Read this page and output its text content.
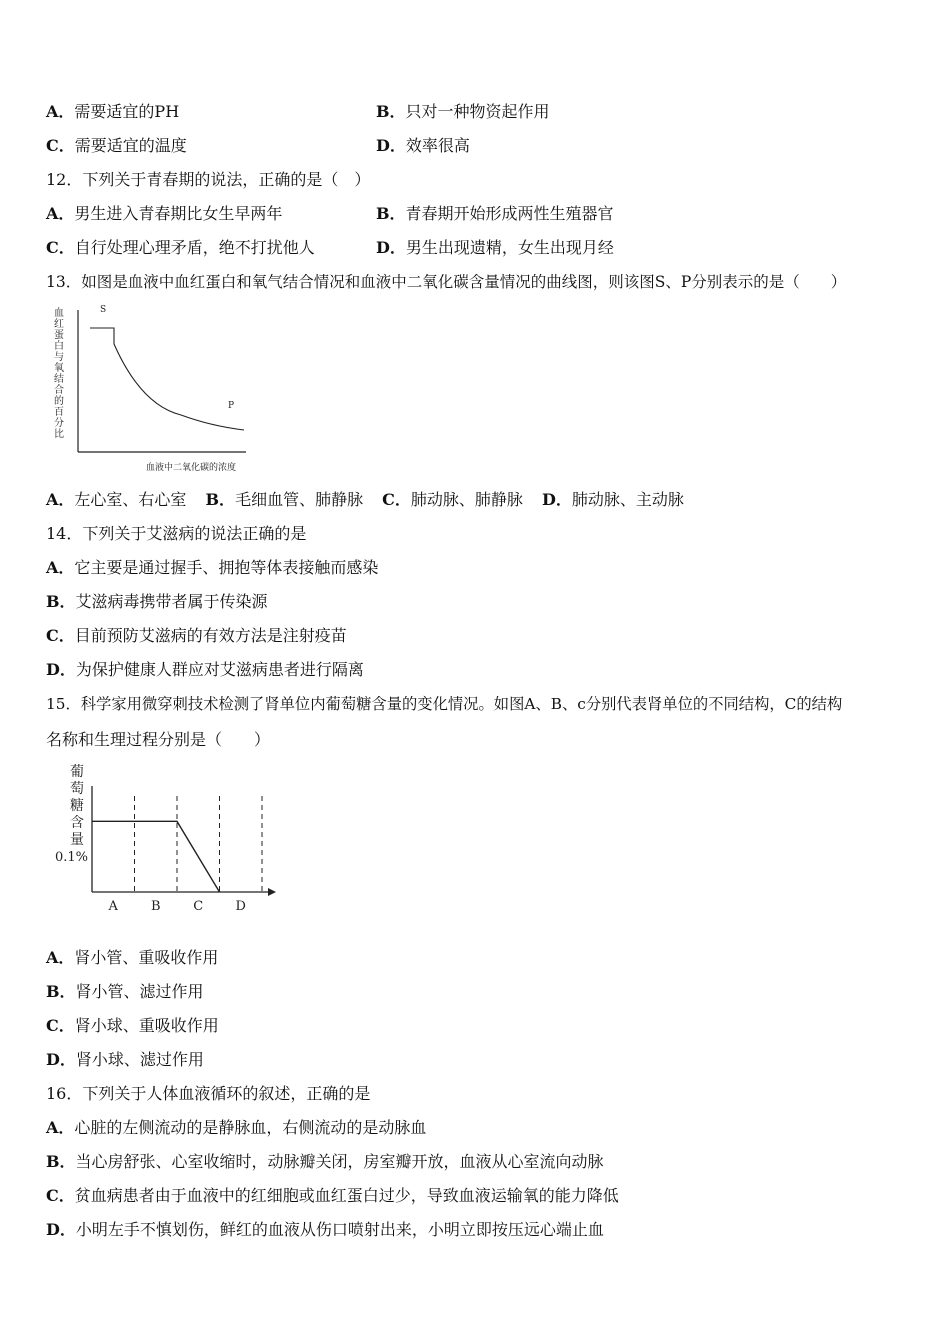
A．需要适宜的PH	B．只对一种物资起作用
C．需要适宜的温度	D．效率很高
12．下列关于青春期的说法，正确的是（　）
A．男生进入青春期比女生早两年	B．青春期开始形成两性生殖器官
C．自行处理心理矛盾，绝不打扰他人	D．男生出现遗精，女生出现月经
13．如图是血液中血红蛋白和氧气结合情况和血液中二氧化碳含量情况的曲线图，则该图S、P分别表示的是（　　）
血
红
蛋
白
与
氧
结
合
的
百
分
比
S
P
血液中二氧化碳的浓度
A．左心室、右心室 B．毛细血管、肺静脉 C．肺动脉、肺静脉 D．肺动脉、主动脉
14．下列关于艾滋病的说法正确的是
A．它主要是通过握手、拥抱等体表接触而感染
B．艾滋病毒携带者属于传染源
C．目前预防艾滋病的有效方法是注射疫苗
D．为保护健康人群应对艾滋病患者进行隔离
15．科学家用微穿刺技术检测了肾单位内葡萄糖含量的变化情况。如图A、B、c分别代表肾单位的不同结构，C的结构
名称和生理过程分别是（　　）
葡
萄
糖
含
量
0.1%
A	B	C D
A．肾小管、重吸收作用
B．肾小管、滤过作用
C．肾小球、重吸收作用
D．肾小球、滤过作用
16．下列关于人体血液循环的叙述，正确的是
A．心脏的左侧流动的是静脉血，右侧流动的是动脉血
B．当心房舒张、心室收缩时，动脉瓣关闭，房室瓣开放，血液从心室流向动脉
C．贫血病患者由于血液中的红细胞或血红蛋白过少，导致血液运输氧的能力降低
D．小明左手不慎划伤，鲜红的血液从伤口喷射出来，小明立即按压远心端止血
